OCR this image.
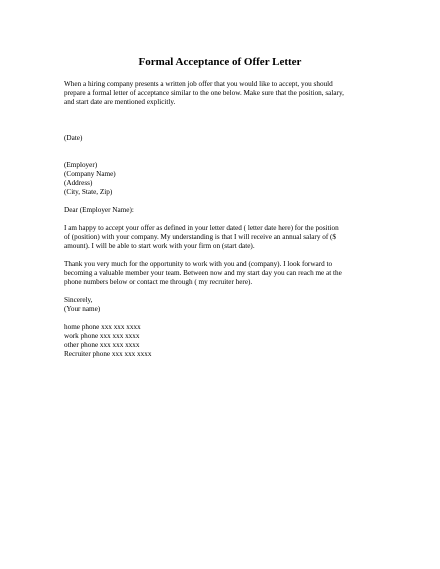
Formal Acceptance of Offer Letter
When a hiring company presents a written job offer that you would like to accept, you should
prepare a formal letter of acceptance similar to the one below. Make sure that the position, salary,
and start date are mentioned explicitly.
(Date)
(Employer)
(Company Name)
(Address)
(City, State, Zip)
Dear (Employer Name):
I am happy to accept your offer as defined in your letter dated ( letter date here) for the position
of (position) with your company. My understanding is that I will receive an annual salary of ($
amount). I will be able to start work with your firm on (start date).
Thank you very much for the opportunity to work with you and (company). I look forward to
becoming a valuable member your team. Between now and my start day you can reach me at the
phone numbers below or contact me through ( my recruiter here).
Sincerely,
(Your name)
home phone xxx xxx xxxx
work phone xxx xxx xxxx
other phone xxx xxx xxxx
Recruiter phone xxx xxx xxxx
